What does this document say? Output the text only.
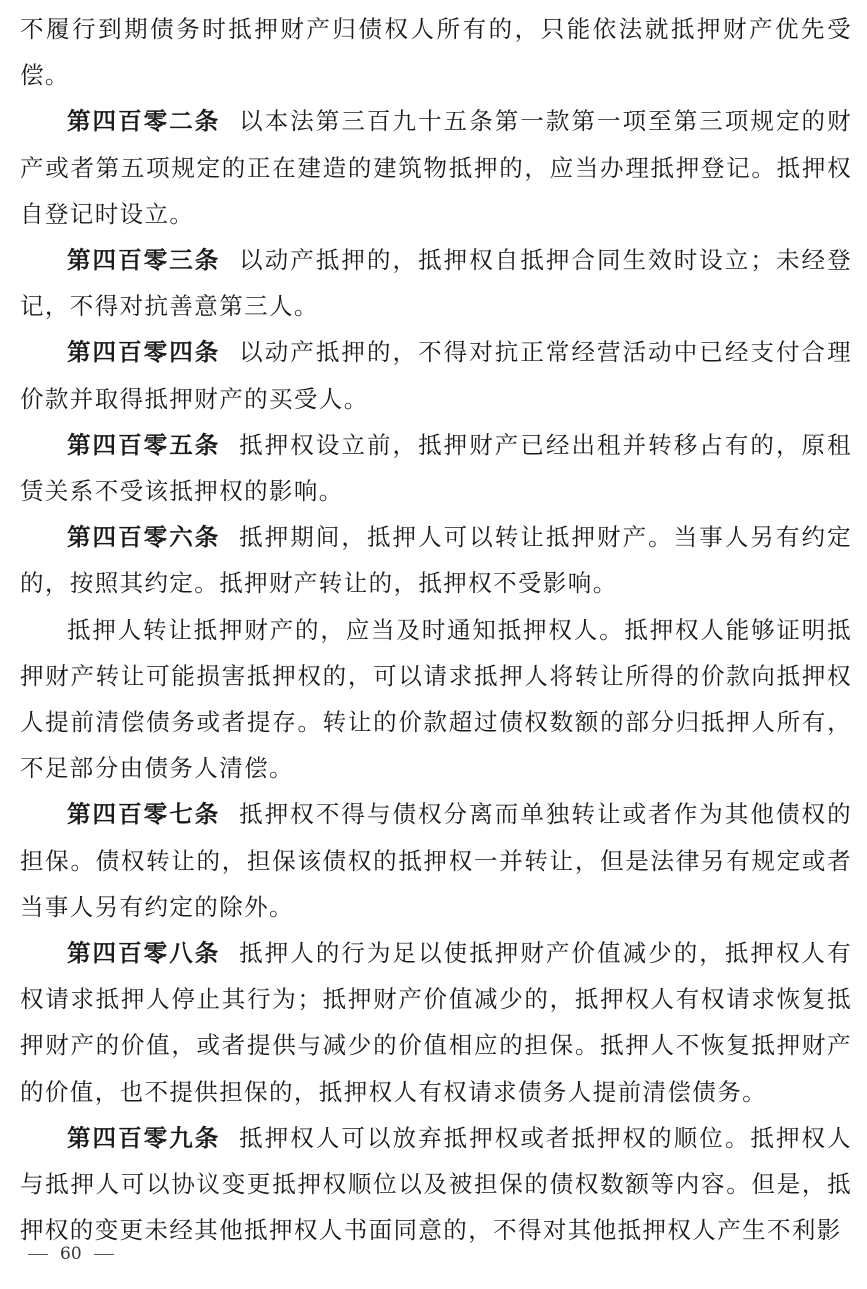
不履行到期债务时抵押财产归债权人所有的，只能依法就抵押财产优先受偿。

第四百零二条 以本法第三百九十五条第一款第一项至第三项规定的财产或者第五项规定的正在建造的建筑物抵押的，应当办理抵押登记。抵押权自登记时设立。

第四百零三条 以动产抵押的，抵押权自抵押合同生效时设立；未经登记，不得对抗善意第三人。

第四百零四条 以动产抵押的，不得对抗正常经营活动中已经支付合理价款并取得抵押财产的买受人。

第四百零五条 抵押权设立前，抵押财产已经出租并转移占有的，原租赁关系不受该抵押权的影响。

第四百零六条 抵押期间，抵押人可以转让抵押财产。当事人另有约定的，按照其约定。抵押财产转让的，抵押权不受影响。

抵押人转让抵押财产的，应当及时通知抵押权人。抵押权人能够证明抵押财产转让可能损害抵押权的，可以请求抵押人将转让所得的价款向抵押权人提前清偿债务或者提存。转让的价款超过债权数额的部分归抵押人所有，不足部分由债务人清偿。

第四百零七条 抵押权不得与债权分离而单独转让或者作为其他债权的担保。债权转让的，担保该债权的抵押权一并转让，但是法律另有规定或者当事人另有约定的除外。

第四百零八条 抵押人的行为足以使抵押财产价值减少的，抵押权人有权请求抵押人停止其行为；抵押财产价值减少的，抵押权人有权请求恢复抵押财产的价值，或者提供与减少的价值相应的担保。抵押人不恢复抵押财产的价值，也不提供担保的，抵押权人有权请求债务人提前清偿债务。

第四百零九条 抵押权人可以放弃抵押权或者抵押权的顺位。抵押权人与抵押人可以协议变更抵押权顺位以及被担保的债权数额等内容。但是，抵押权的变更未经其他抵押权人书面同意的，不得对其他抵押权人产生不利影

60
